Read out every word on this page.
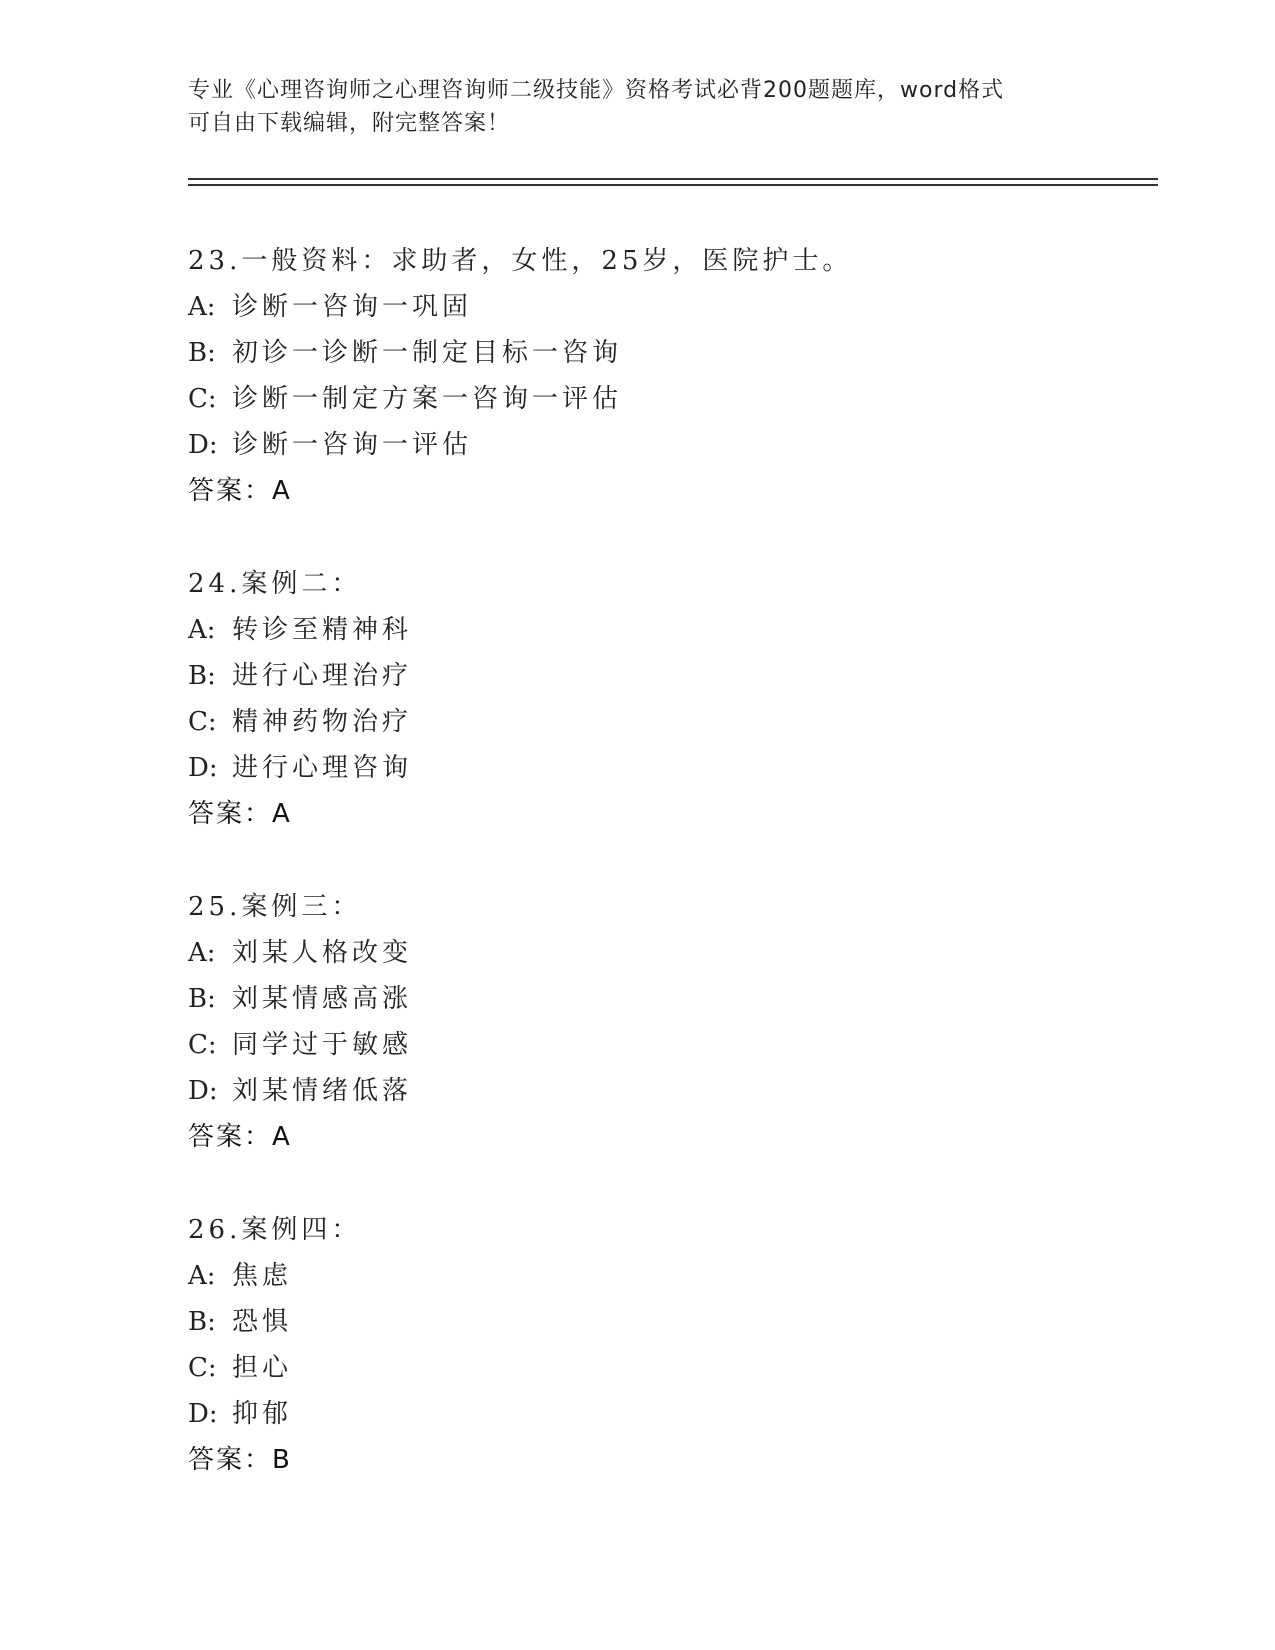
专业《心理咨询师之心理咨询师二级技能》资格考试必背200题题库，word格式
可自由下载编辑，附完整答案！
23.一般资料：求助者，女性，25岁，医院护士。
A: 诊断一咨询一巩固
B: 初诊一诊断一制定目标一咨询
C: 诊断一制定方案一咨询一评估
D: 诊断一咨询一评估
答案：A
24.案例二：
A: 转诊至精神科
B: 进行心理治疗
C: 精神药物治疗
D: 进行心理咨询
答案：A
25.案例三：
A: 刘某人格改变
B: 刘某情感高涨
C: 同学过于敏感
D: 刘某情绪低落
答案：A
26.案例四：
A: 焦虑
B: 恐惧
C: 担心
D: 抑郁
答案：B
